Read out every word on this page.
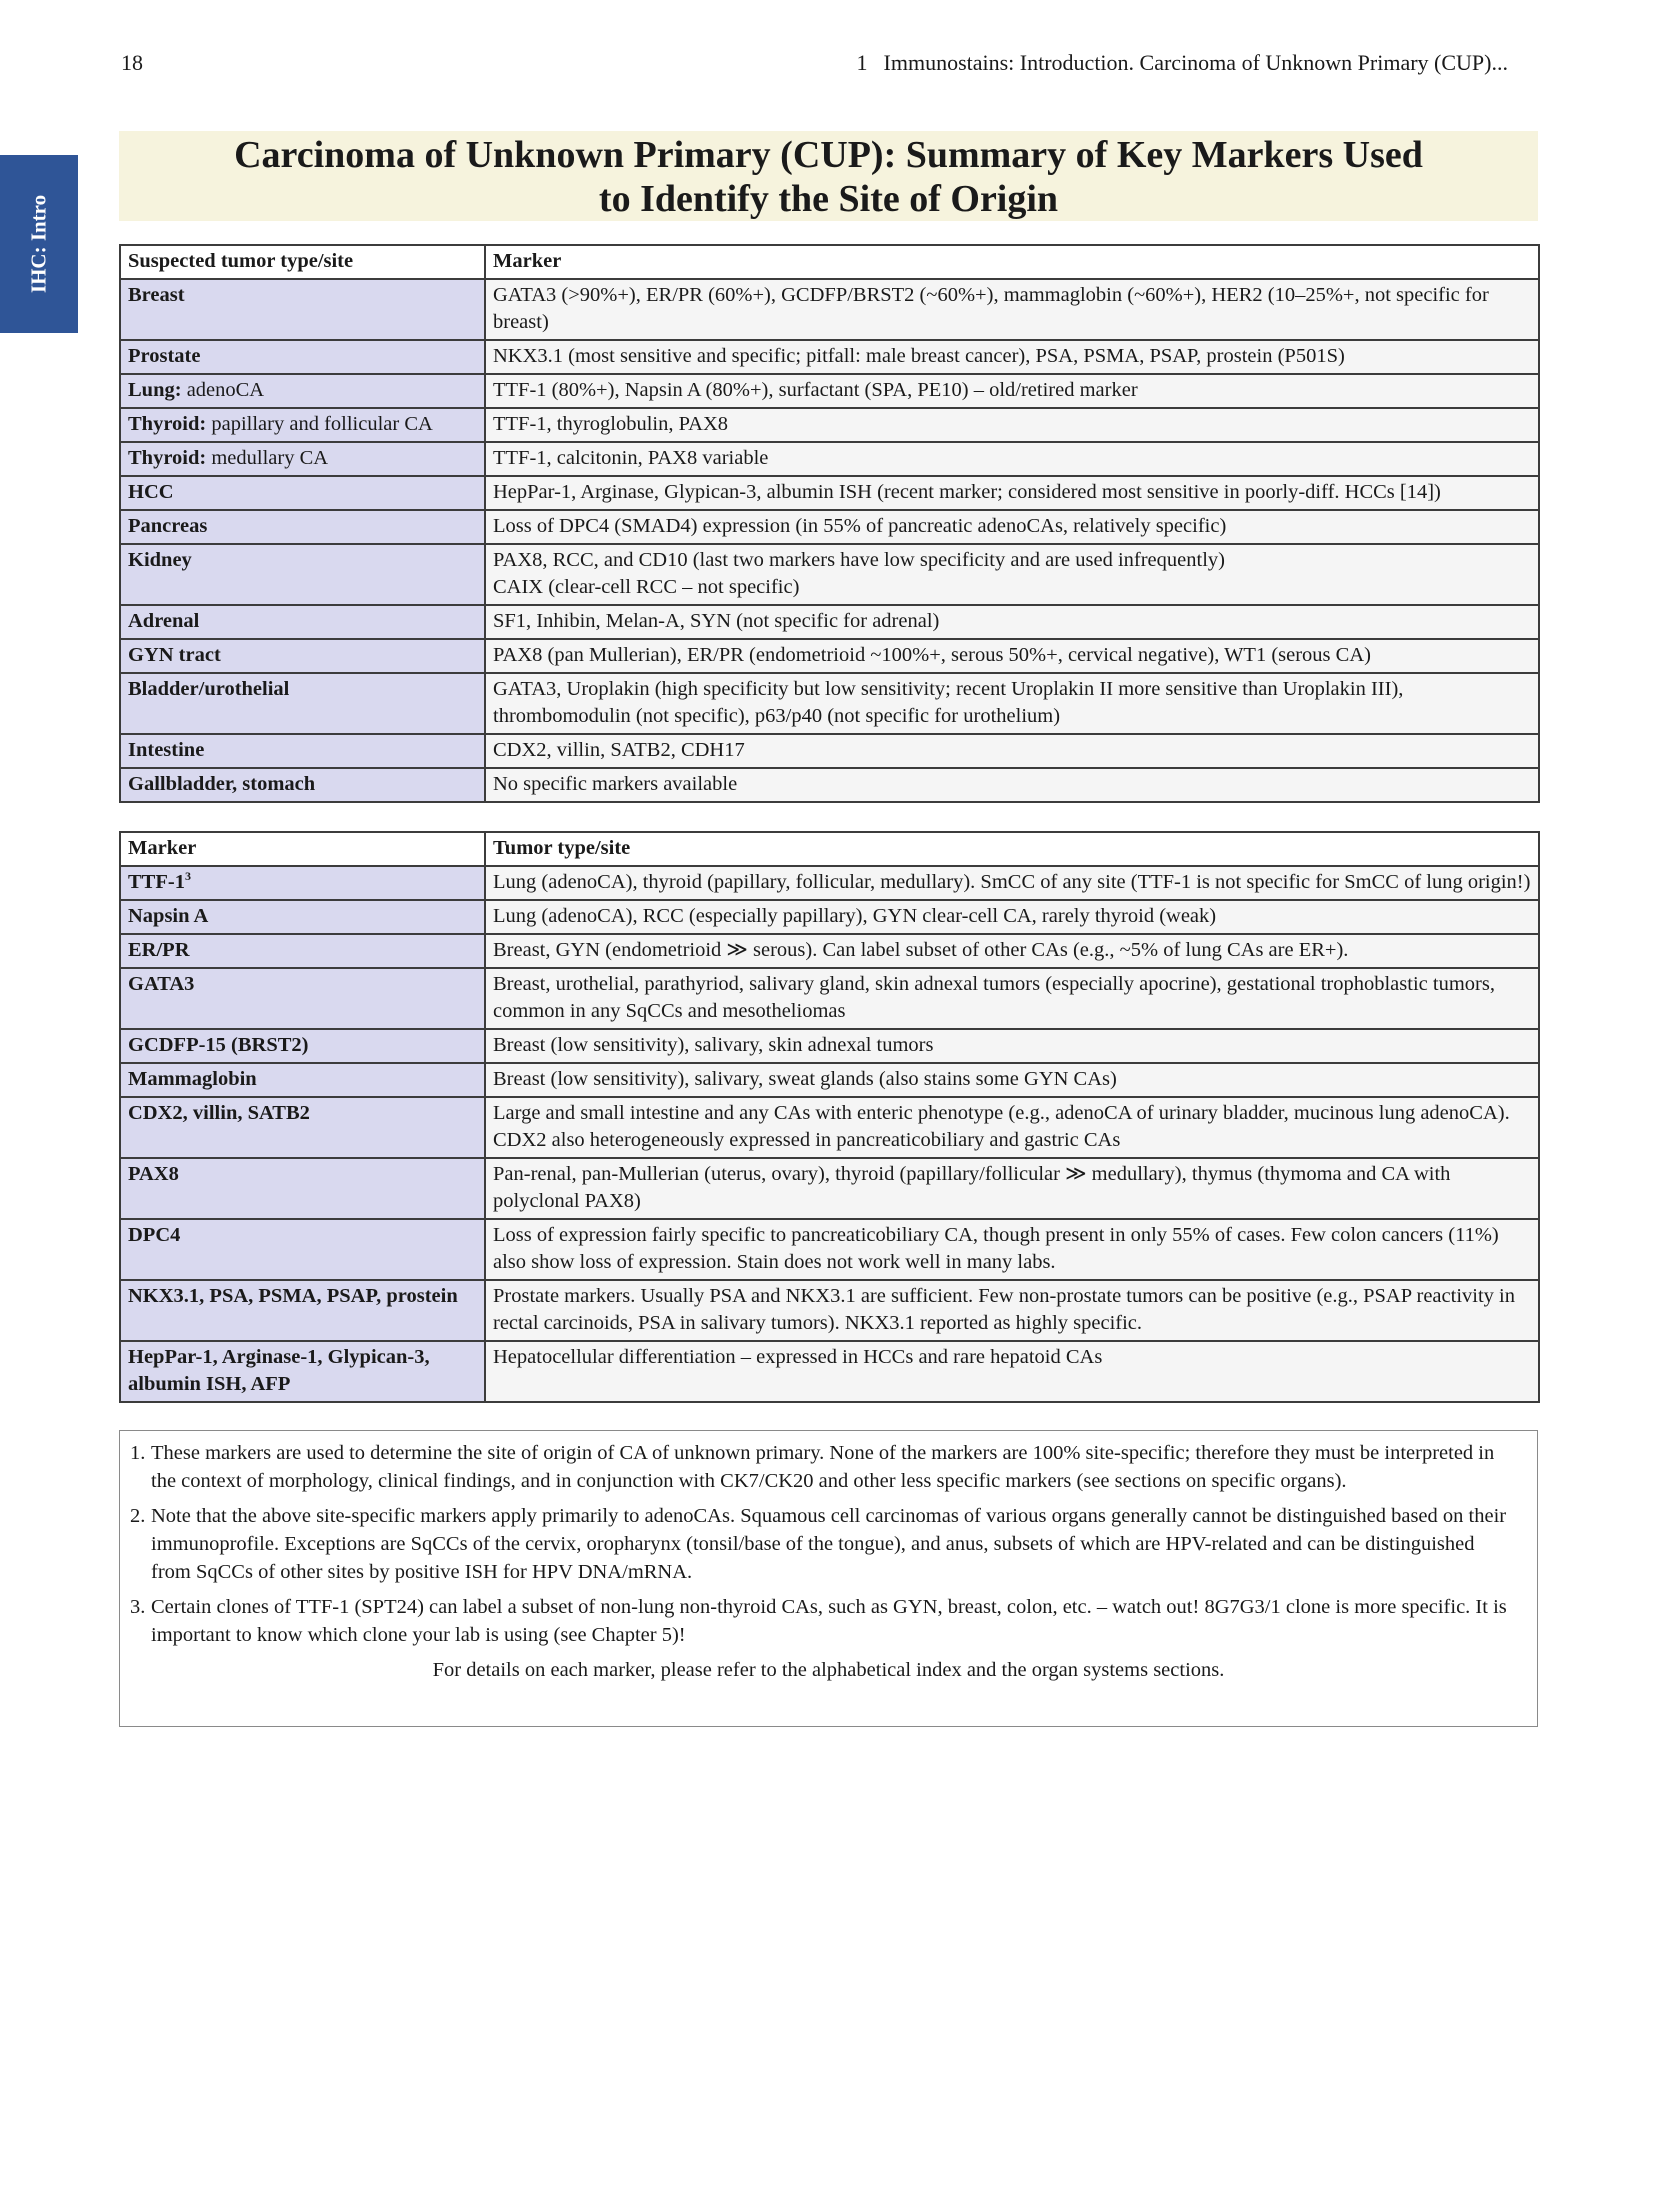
18	1 Immunostains: Introduction. Carcinoma of Unknown Primary (CUP)...
IHC: Intro
Carcinoma of Unknown Primary (CUP): Summary of Key Markers Used
to Identify the Site of Origin
Suspected tumor type/site	Marker
Breast	GATA3 (>90%+), ER/PR (60%+), GCDFP/BRST2 (~60%+), mammaglobin (~60%+), HER2 (10–25%+, not specific for breast)
Prostate	NKX3.1 (most sensitive and specific; pitfall: male breast cancer), PSA, PSMA, PSAP, prostein (P501S)
Lung: adenoCA	TTF-1 (80%+), Napsin A (80%+), surfactant (SPA, PE10) – old/retired marker
Thyroid: papillary and follicular CA	TTF-1, thyroglobulin, PAX8
Thyroid: medullary CA	TTF-1, calcitonin, PAX8 variable
HCC	HepPar-1, Arginase, Glypican-3, albumin ISH (recent marker; considered most sensitive in poorly-diff. HCCs [14])
Pancreas	Loss of DPC4 (SMAD4) expression (in 55% of pancreatic adenoCAs, relatively specific)
Kidney	PAX8, RCC, and CD10 (last two markers have low specificity and are used infrequently)
CAIX (clear-cell RCC – not specific)
Adrenal	SF1, Inhibin, Melan-A, SYN (not specific for adrenal)
GYN tract	PAX8 (pan Mullerian), ER/PR (endometrioid ~100%+, serous 50%+, cervical negative), WT1 (serous CA)
Bladder/urothelial	GATA3, Uroplakin (high specificity but low sensitivity; recent Uroplakin II more sensitive than Uroplakin III), thrombomodulin (not specific), p63/p40 (not specific for urothelium)
Intestine	CDX2, villin, SATB2, CDH17
Gallbladder, stomach	No specific markers available
Marker	Tumor type/site
TTF-$1^3$	Lung (adenoCA), thyroid (papillary, follicular, medullary). SmCC of any site (TTF-1 is not specific for SmCC of lung origin!)
Napsin A	Lung (adenoCA), RCC (especially papillary), GYN clear-cell CA, rarely thyroid (weak)
ER/PR	Breast, GYN (endometrioid ≫ serous). Can label subset of other CAs (e.g., ~5% of lung CAs are ER+).
GATA3	Breast, urothelial, parathyriod, salivary gland, skin adnexal tumors (especially apocrine), gestational trophoblastic tumors, common in any SqCCs and mesotheliomas
GCDFP-15 (BRST2)	Breast (low sensitivity), salivary, skin adnexal tumors
Mammaglobin	Breast (low sensitivity), salivary, sweat glands (also stains some GYN CAs)
CDX2, villin, SATB2	Large and small intestine and any CAs with enteric phenotype (e.g., adenoCA of urinary bladder, mucinous lung adenoCA). CDX2 also heterogeneously expressed in pancreaticobiliary and gastric CAs
PAX8	Pan-renal, pan-Mullerian (uterus, ovary), thyroid (papillary/follicular ≫ medullary), thymus (thymoma and CA with polyclonal PAX8)
DPC4	Loss of expression fairly specific to pancreaticobiliary CA, though present in only 55% of cases. Few colon cancers (11%) also show loss of expression. Stain does not work well in many labs.
NKX3.1, PSA, PSMA, PSAP, prostein	Prostate markers. Usually PSA and NKX3.1 are sufficient. Few non-prostate tumors can be positive (e.g., PSAP reactivity in rectal carcinoids, PSA in salivary tumors). NKX3.1 reported as highly specific.
HepPar-1, Arginase-1, Glypican-3, albumin ISH, AFP	Hepatocellular differentiation – expressed in HCCs and rare hepatoid CAs
1. These markers are used to determine the site of origin of CA of unknown primary. None of the markers are 100% site-specific; therefore they must be interpreted in the context of morphology, clinical findings, and in conjunction with CK7/CK20 and other less specific markers (see sections on specific organs).
2. Note that the above site-specific markers apply primarily to adenoCAs. Squamous cell carcinomas of various organs generally cannot be distinguished based on their immunoprofile. Exceptions are SqCCs of the cervix, oropharynx (tonsil/base of the tongue), and anus, subsets of which are HPV-related and can be distinguished from SqCCs of other sites by positive ISH for HPV DNA/mRNA.
3. Certain clones of TTF-1 (SPT24) can label a subset of non-lung non-thyroid CAs, such as GYN, breast, colon, etc. – watch out! 8G7G3/1 clone is more specific. It is important to know which clone your lab is using (see Chapter 5)!
For details on each marker, please refer to the alphabetical index and the organ systems sections.
